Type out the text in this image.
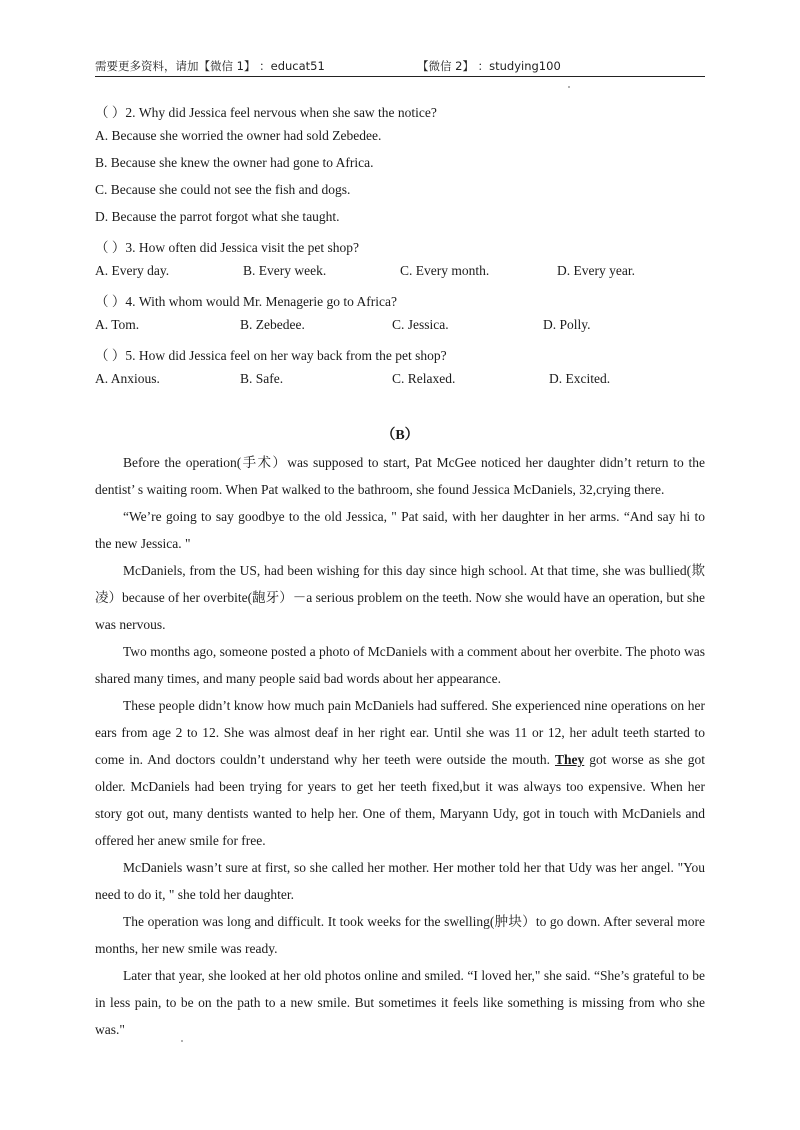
需要更多资料，请加【微信 1】 ：educat51	【微信 2】 ：studying100
（ ）2. Why did Jessica feel nervous when she saw the notice?
A. Because she worried the owner had sold Zebedee.
B. Because she knew the owner had gone to Africa.
C. Because she could not see the fish and dogs.
D. Because the parrot forgot what she taught.
（ ）3. How often did Jessica visit the pet shop?
A. Every day.	B. Every week.	C. Every month.	D. Every year.
（ ）4. With whom would Mr. Menagerie go to Africa?
A. Tom.	B. Zebedee.	C. Jessica.	D. Polly.
（ ）5. How did Jessica feel on her way back from the pet shop?
A. Anxious.	B. Safe.	C. Relaxed.	D. Excited.
（B）

Before the operation(手术）was supposed to start, Pat McGee noticed her daughter didn’t return to the dentist’ s waiting room. When Pat walked to the bathroom, she found Jessica McDaniels, 32,crying there.

“We’re going to say goodbye to the old Jessica, " Pat said, with her daughter in her arms. “And say hi to the new Jessica. "

McDaniels, from the US, had been wishing for this day since high school. At that time, she was bullied(欺凌）because of her overbite(龅牙）－a serious problem on the teeth. Now she would have an operation, but she was nervous.

Two months ago, someone posted a photo of McDaniels with a comment about her overbite. The photo was shared many times, and many people said bad words about her appearance.

These people didn’t know how much pain McDaniels had suffered. She experienced nine operations on her ears from age 2 to 12. She was almost deaf in her right ear. Until she was 11 or 12, her adult teeth started to come in. And doctors couldn’t understand why her teeth were outside the mouth. They got worse as she got older. McDaniels had been trying for years to get her teeth fixed,but it was always too expensive. When her story got out, many dentists wanted to help her. One of them, Maryann Udy, got in touch with McDaniels and offered her anew smile for free.

McDaniels wasn’t sure at first, so she called her mother. Her mother told her that Udy was her angel. "You need to do it, " she told her daughter.

The operation was long and difficult. It took weeks for the swelling(肿块）to go down. After several more months, her new smile was ready.

Later that year, she looked at her old photos online and smiled. “I loved her," she said. “She’s grateful to be in less pain, to be on the path to a new smile. But sometimes it feels like something is missing from who she was."
